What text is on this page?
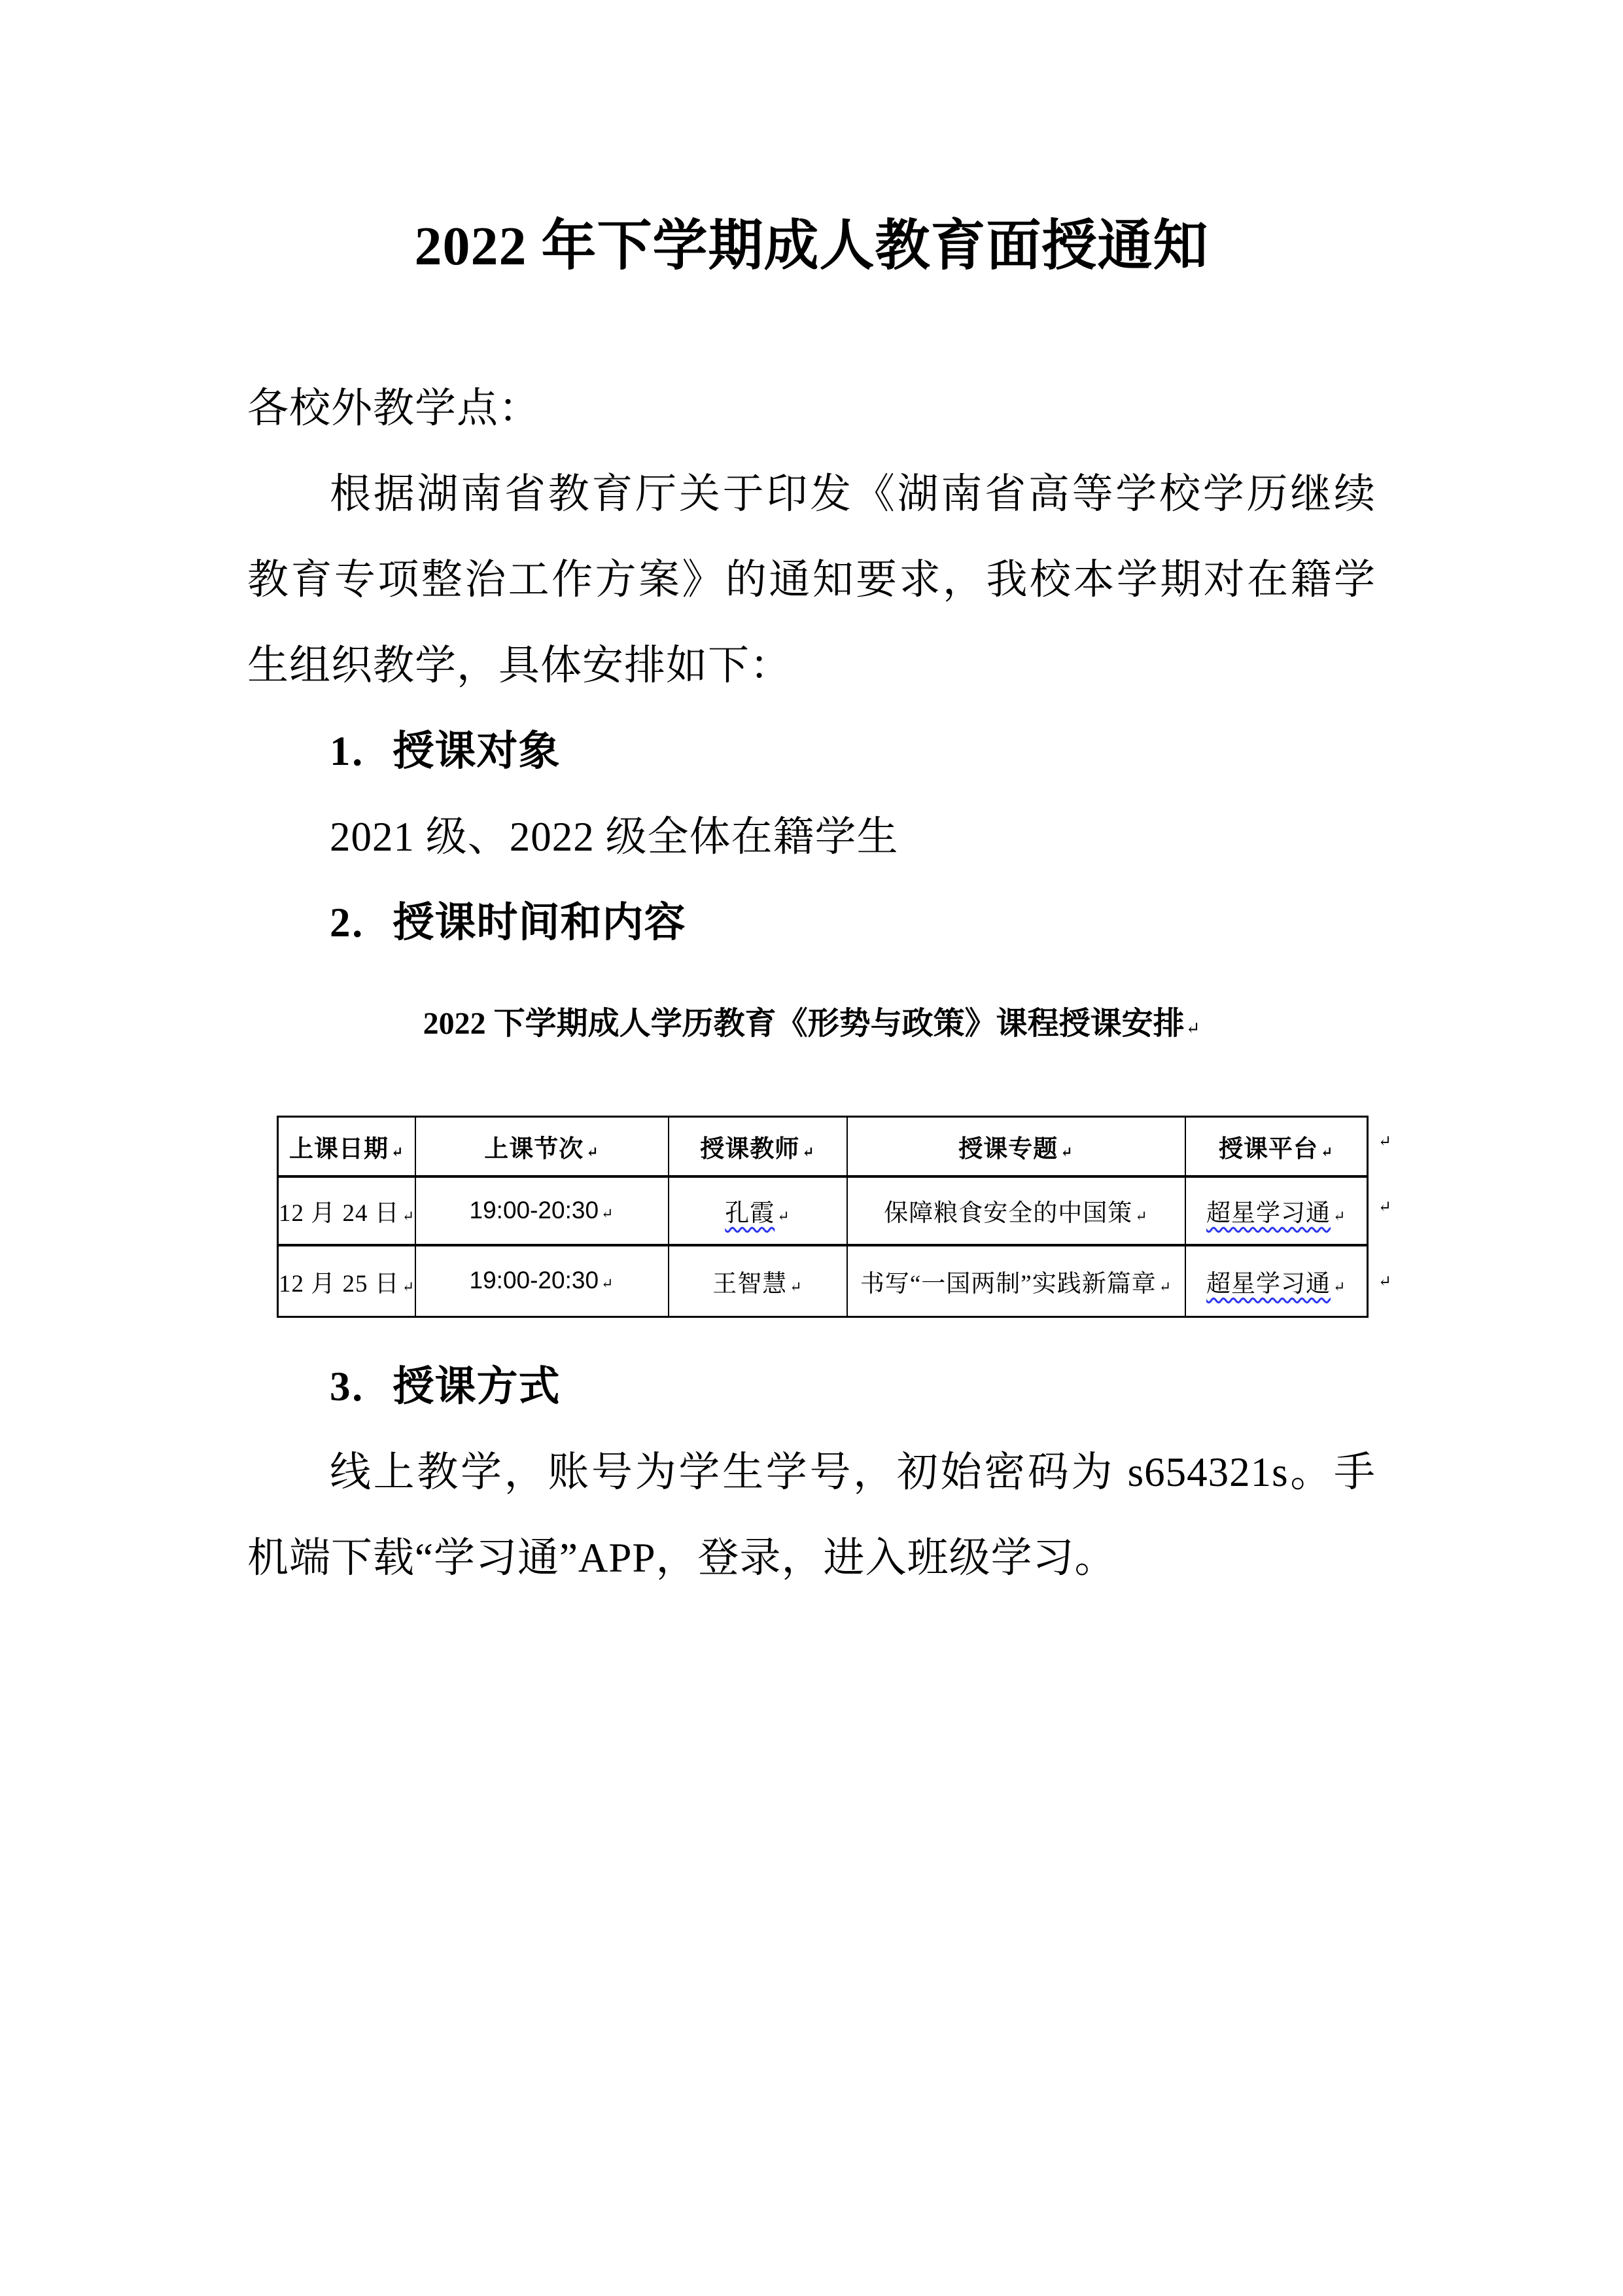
2022 年下学期成人教育面授通知
各校外教学点：
根据湖南省教育厅关于印发《湖南省高等学校学历继续教育专项整治工作方案》的通知要求，我校本学期对在籍学生组织教学，具体安排如下：
1．授课对象
2021 级、2022 级全体在籍学生
2．授课时间和内容
2022 下学期成人学历教育《形势与政策》课程授课安排↵
上课日期 ↵	上课节次 ↵	授课教师 ↵	授课专题 ↵	授课平台 ↵
12 月 24 日 ↵	19:00-20:30 ↵	孔霞 ↵	保障粮食安全的中国策 ↵	超星学习通 ↵
12 月 25 日 ↵	19:00-20:30 ↵	王智慧 ↵	书写“一国两制”实践新篇章 ↵	超星学习通 ↵
↵
↵
↵
3．授课方式
线上教学，账号为学生学号，初始密码为 s654321s。手机端下载“学习通”APP，登录，进入班级学习。
